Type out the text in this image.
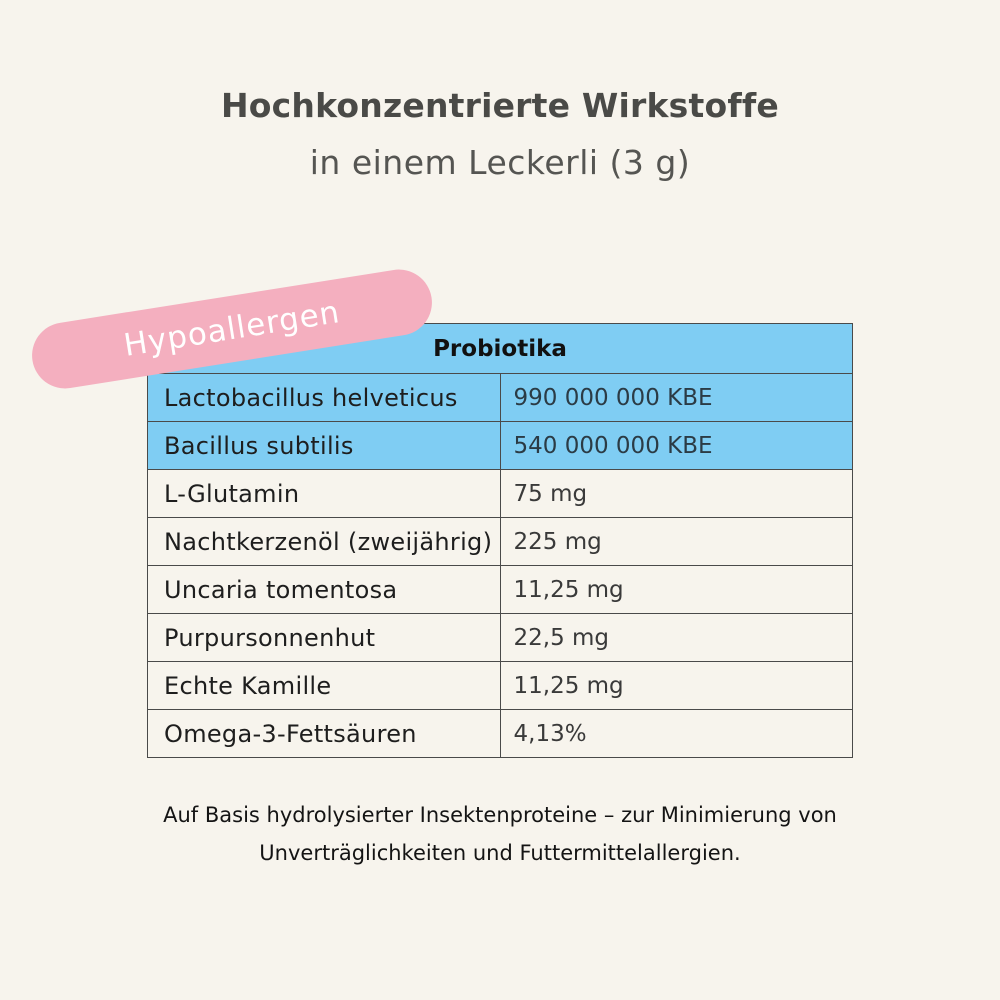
Hochkonzentrierte Wirkstoffe
in einem Leckerli (3 g)
Hypoallergen	Probiotika	
Lactobacillus helveticus	990 000 000 KBE
Bacillus subtilis	540 000 000 KBE
L-Glutamin	75 mg
Nachtkerzenöl (zweijährig)	225 mg
Uncaria tomentosa	11,25 mg
Purpursonnenhut	22,5 mg
Echte Kamille	11,25 mg
Omega-3-Fettsäuren	4,13%
Auf Basis hydrolysierter Insektenproteine – zur Minimierung von
Unverträglichkeiten und Futtermittelallergien.
